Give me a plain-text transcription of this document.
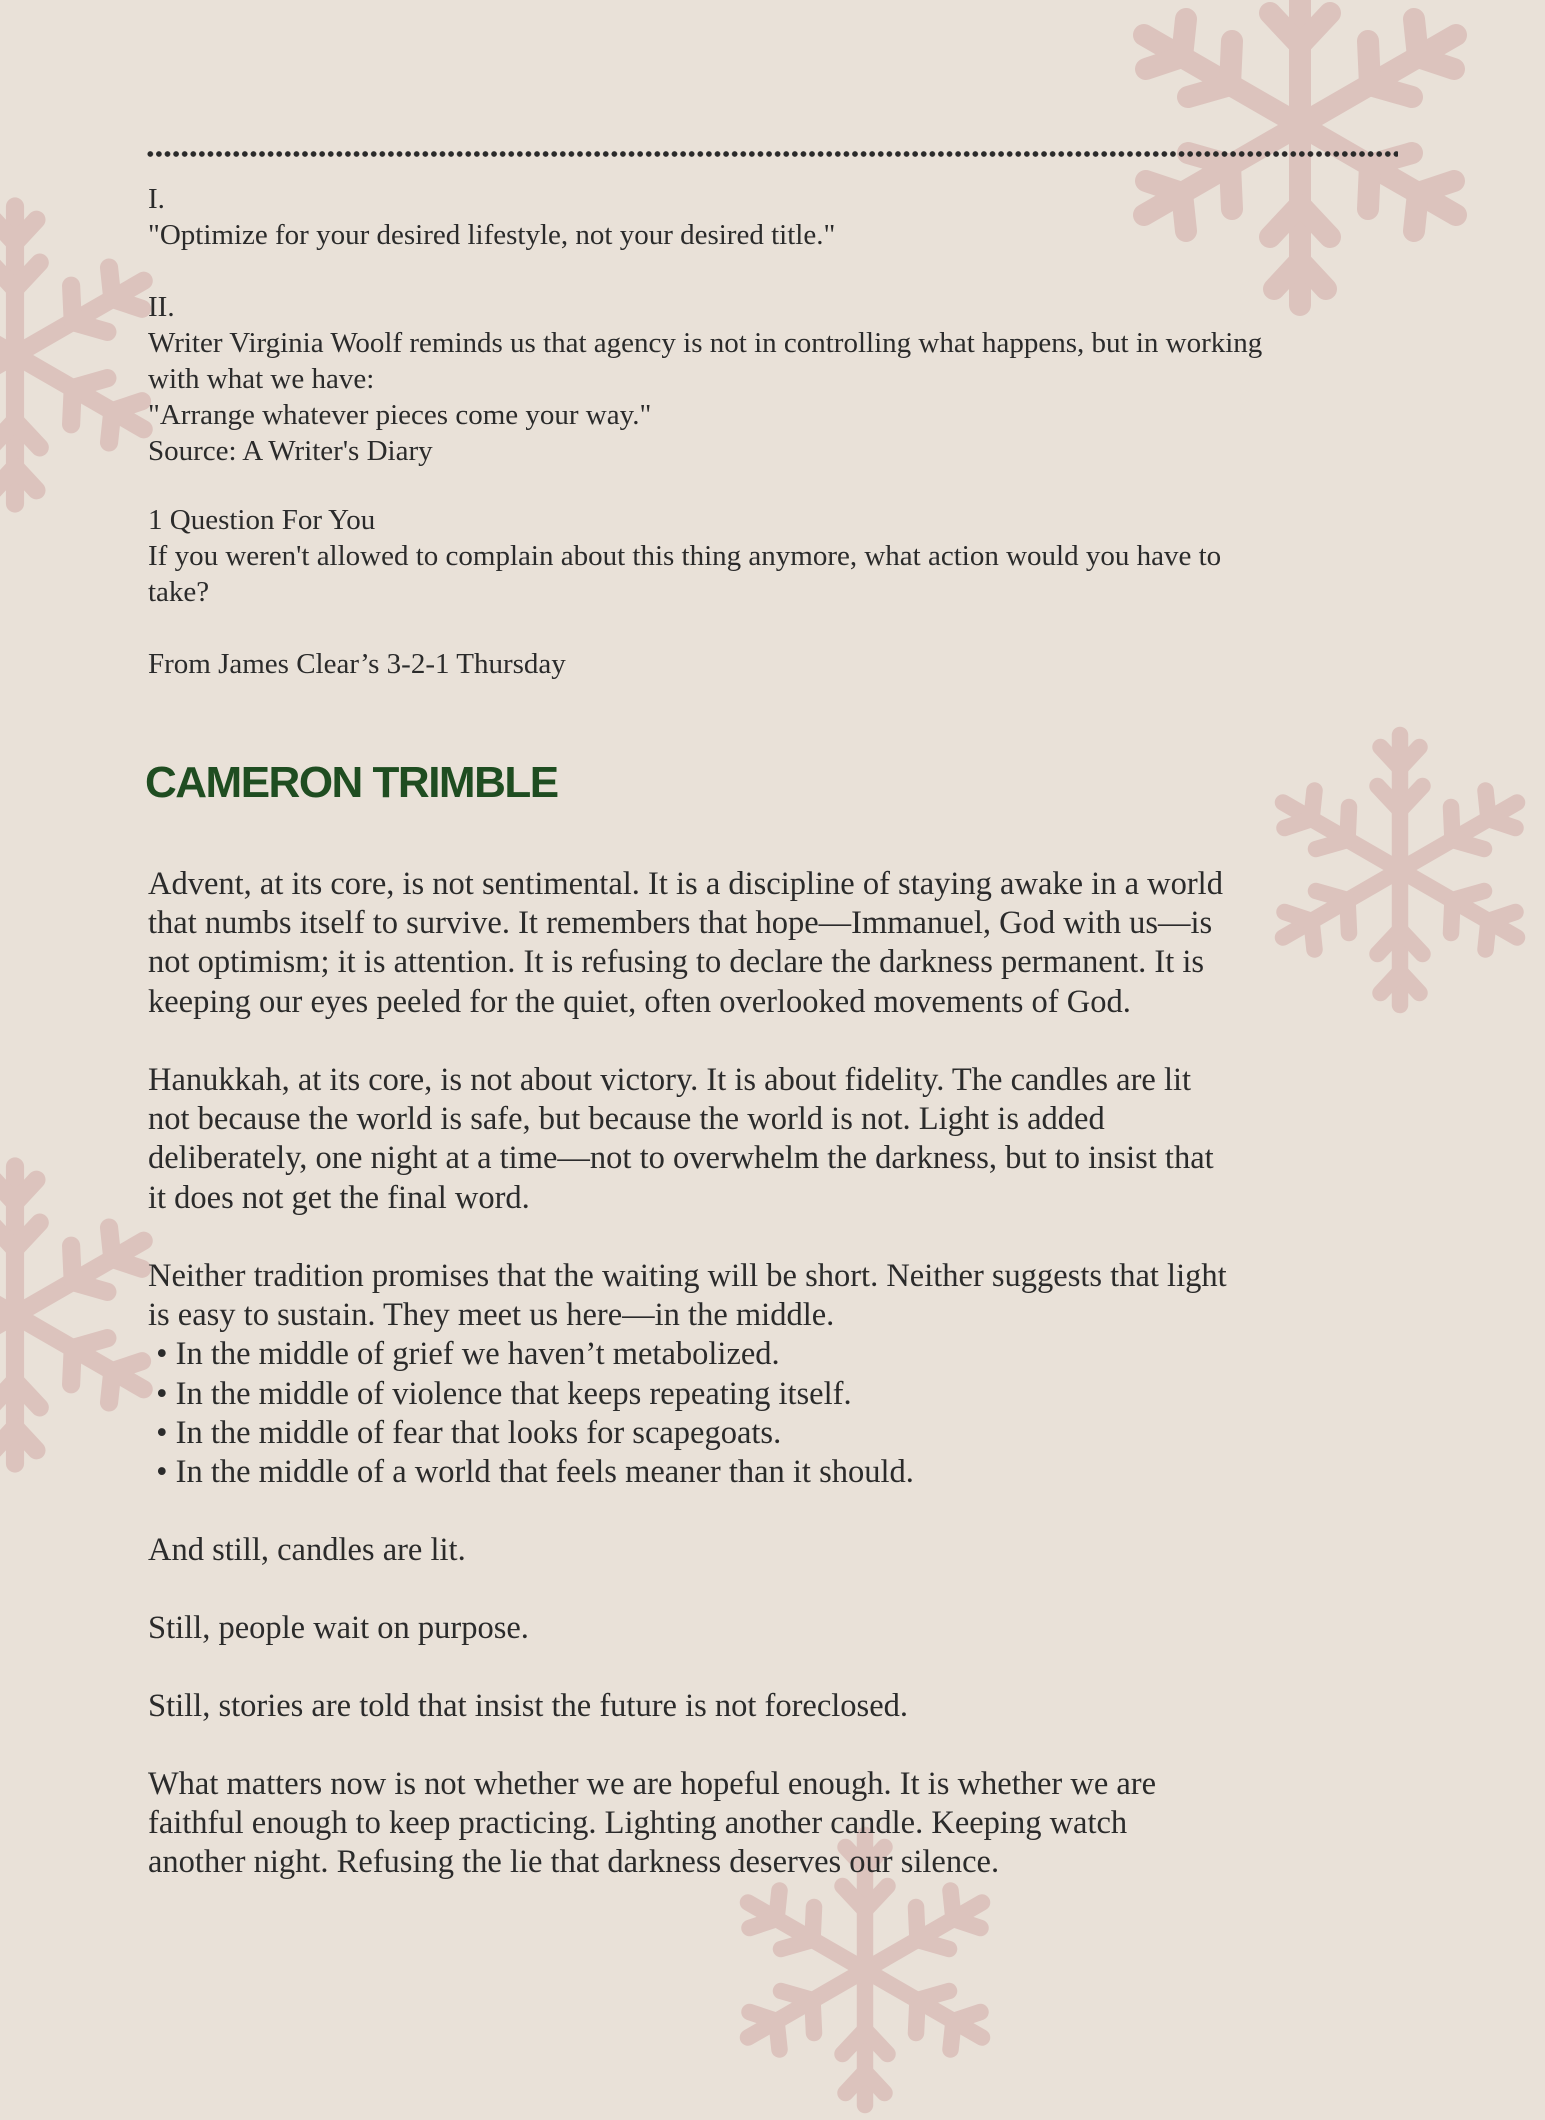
I.
"Optimize for your desired lifestyle, not your desired title."
II.
Writer Virginia Woolf reminds us that agency is not in controlling what happens, but in working
with what we have:
"Arrange whatever pieces come your way."
Source: A Writer's Diary
1 Question For You
If you weren't allowed to complain about this thing anymore, what action would you have to
take?
From James Clear’s 3-2-1 Thursday
CAMERON TRIMBLE
Advent, at its core, is not sentimental. It is a discipline of staying awake in a world
that numbs itself to survive. It remembers that hope—Immanuel, God with us—is
not optimism; it is attention. It is refusing to declare the darkness permanent. It is
keeping our eyes peeled for the quiet, often overlooked movements of God.
Hanukkah, at its core, is not about victory. It is about fidelity. The candles are lit
not because the world is safe, but because the world is not. Light is added
deliberately, one night at a time—not to overwhelm the darkness, but to insist that
it does not get the final word.
Neither tradition promises that the waiting will be short. Neither suggests that light
is easy to sustain. They meet us here—in the middle.
• In the middle of grief we haven’t metabolized.
• In the middle of violence that keeps repeating itself.
• In the middle of fear that looks for scapegoats.
• In the middle of a world that feels meaner than it should.
And still, candles are lit.
Still, people wait on purpose.
Still, stories are told that insist the future is not foreclosed.
What matters now is not whether we are hopeful enough. It is whether we are
faithful enough to keep practicing. Lighting another candle. Keeping watch
another night. Refusing the lie that darkness deserves our silence.
